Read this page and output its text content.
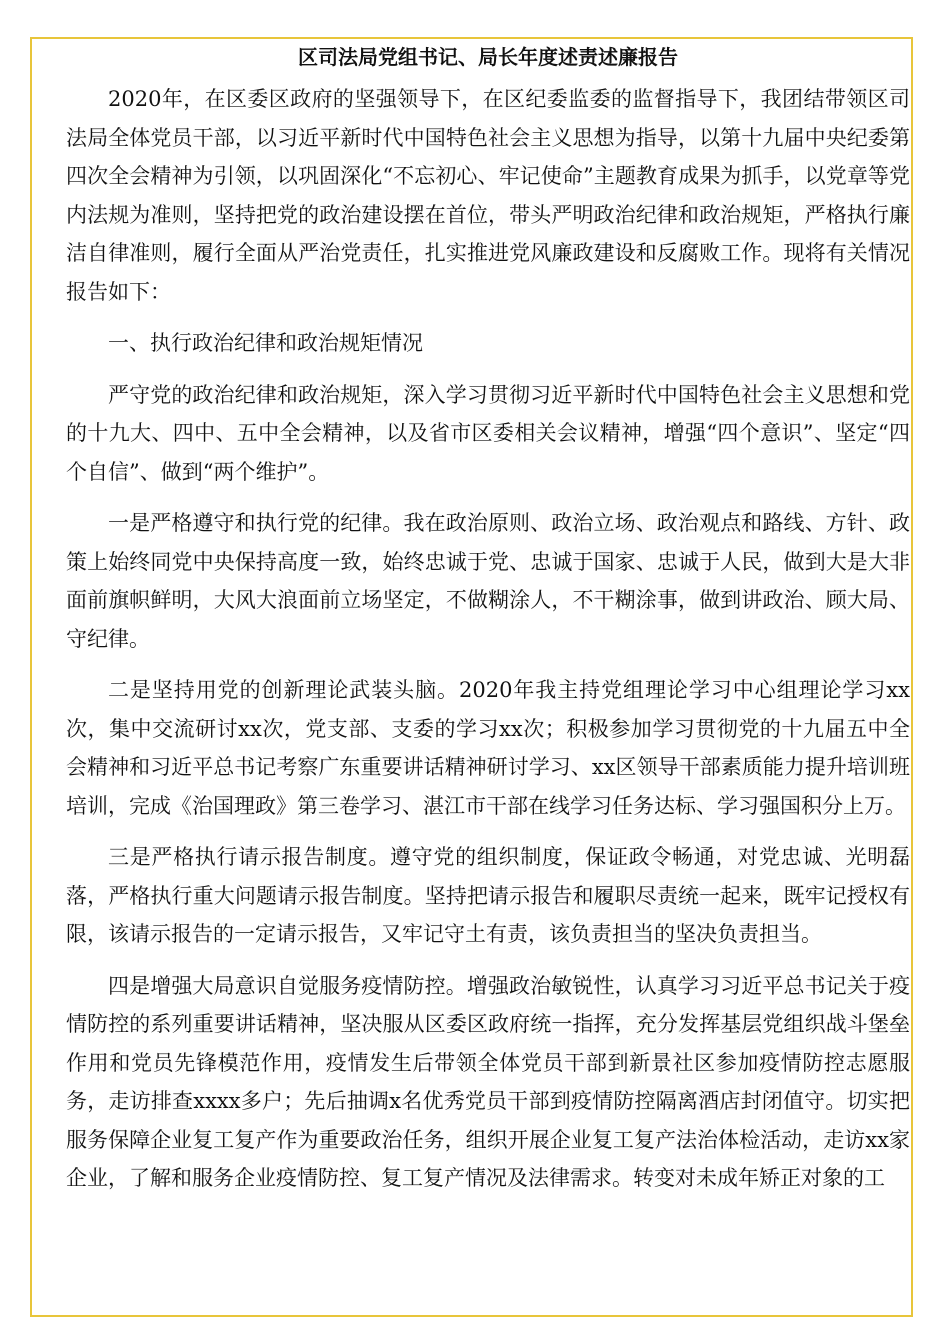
区司法局党组书记、局长年度述责述廉报告

2020年，在区委区政府的坚强领导下，在区纪委监委的监督指导下，我团结带领区司法局全体党员干部，以习近平新时代中国特色社会主义思想为指导，以第十九届中央纪委第四次全会精神为引领，以巩固深化“不忘初心、牢记使命”主题教育成果为抓手，以党章等党内法规为准则，坚持把党的政治建设摆在首位，带头严明政治纪律和政治规矩，严格执行廉洁自律准则，履行全面从严治党责任，扎实推进党风廉政建设和反腐败工作。现将有关情况报告如下：

一、执行政治纪律和政治规矩情况

严守党的政治纪律和政治规矩，深入学习贯彻习近平新时代中国特色社会主义思想和党的十九大、四中、五中全会精神，以及省市区委相关会议精神，增强“四个意识”、坚定“四个自信”、做到“两个维护”。

一是严格遵守和执行党的纪律。我在政治原则、政治立场、政治观点和路线、方针、政策上始终同党中央保持高度一致，始终忠诚于党、忠诚于国家、忠诚于人民，做到大是大非面前旗帜鲜明，大风大浪面前立场坚定，不做糊涂人，不干糊涂事，做到讲政治、顾大局、守纪律。

二是坚持用党的创新理论武装头脑。2020年我主持党组理论学习中心组理论学习xx次，集中交流研讨xx次，党支部、支委的学习xx次；积极参加学习贯彻党的十九届五中全会精神和习近平总书记考察广东重要讲话精神研讨学习、xx区领导干部素质能力提升培训班培训，完成《治国理政》第三卷学习、湛江市干部在线学习任务达标、学习强国积分上万。

三是严格执行请示报告制度。遵守党的组织制度，保证政令畅通，对党忠诚、光明磊落，严格执行重大问题请示报告制度。坚持把请示报告和履职尽责统一起来，既牢记授权有限，该请示报告的一定请示报告，又牢记守土有责，该负责担当的坚决负责担当。

四是增强大局意识自觉服务疫情防控。增强政治敏锐性，认真学习习近平总书记关于疫情防控的系列重要讲话精神，坚决服从区委区政府统一指挥，充分发挥基层党组织战斗堡垒作用和党员先锋模范作用，疫情发生后带领全体党员干部到新景社区参加疫情防控志愿服务，走访排查xxxx多户；先后抽调x名优秀党员干部到疫情防控隔离酒店封闭值守。切实把服务保障企业复工复产作为重要政治任务，组织开展企业复工复产法治体检活动，走访xx家企业，了解和服务企业疫情防控、复工复产情况及法律需求。转变对未成年矫正对象的工
